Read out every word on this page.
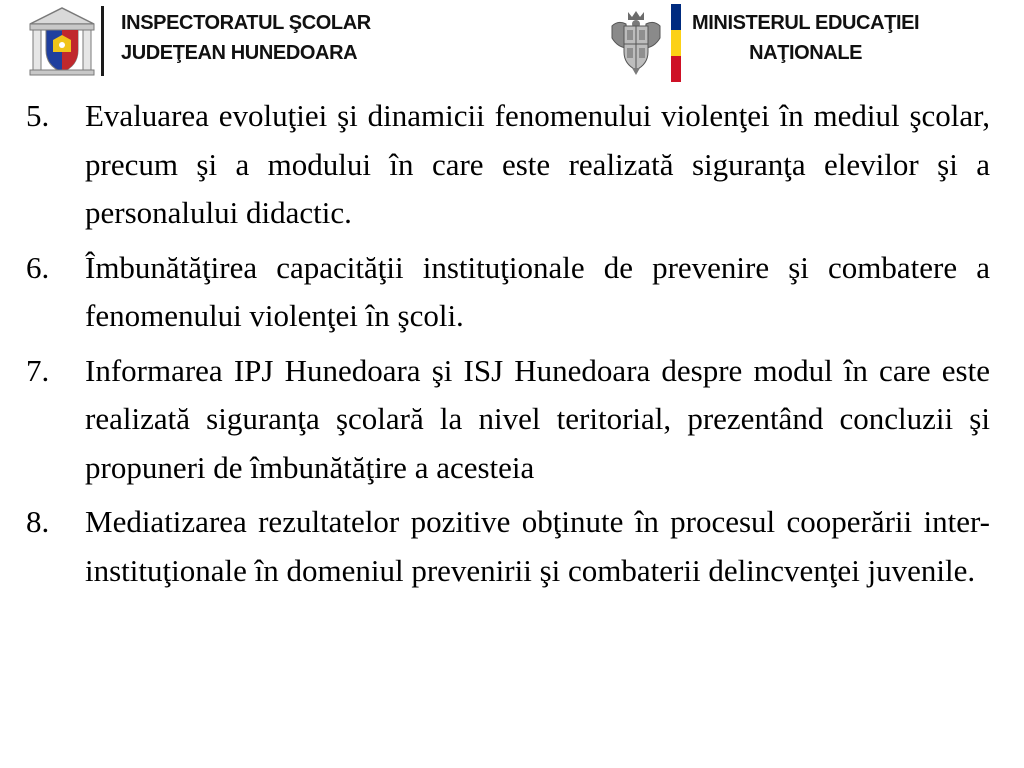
INSPECTORATUL ŞCOLAR
JUDEŢEAN HUNEDOARA
MINISTERUL EDUCAŢIEI
NAŢIONALE
5.	Evaluarea evoluţiei şi dinamicii fenomenului violenţei în mediul şcolar, precum şi a modului în care este realizată siguranţa elevilor şi a personalului didactic.
6.	Îmbunătăţirea capacităţii instituţionale de prevenire şi combatere a fenomenului violenţei în şcoli.
7.	Informarea IPJ Hunedoara şi ISJ Hunedoara despre modul în care este realizată siguranţa şcolară la nivel teritorial, prezentând concluzii şi propuneri de îmbunătăţire a acesteia
8.	Mediatizarea rezultatelor pozitive obţinute în procesul cooperării inter-instituţionale în domeniul prevenirii şi combaterii delincvenţei juvenile.
